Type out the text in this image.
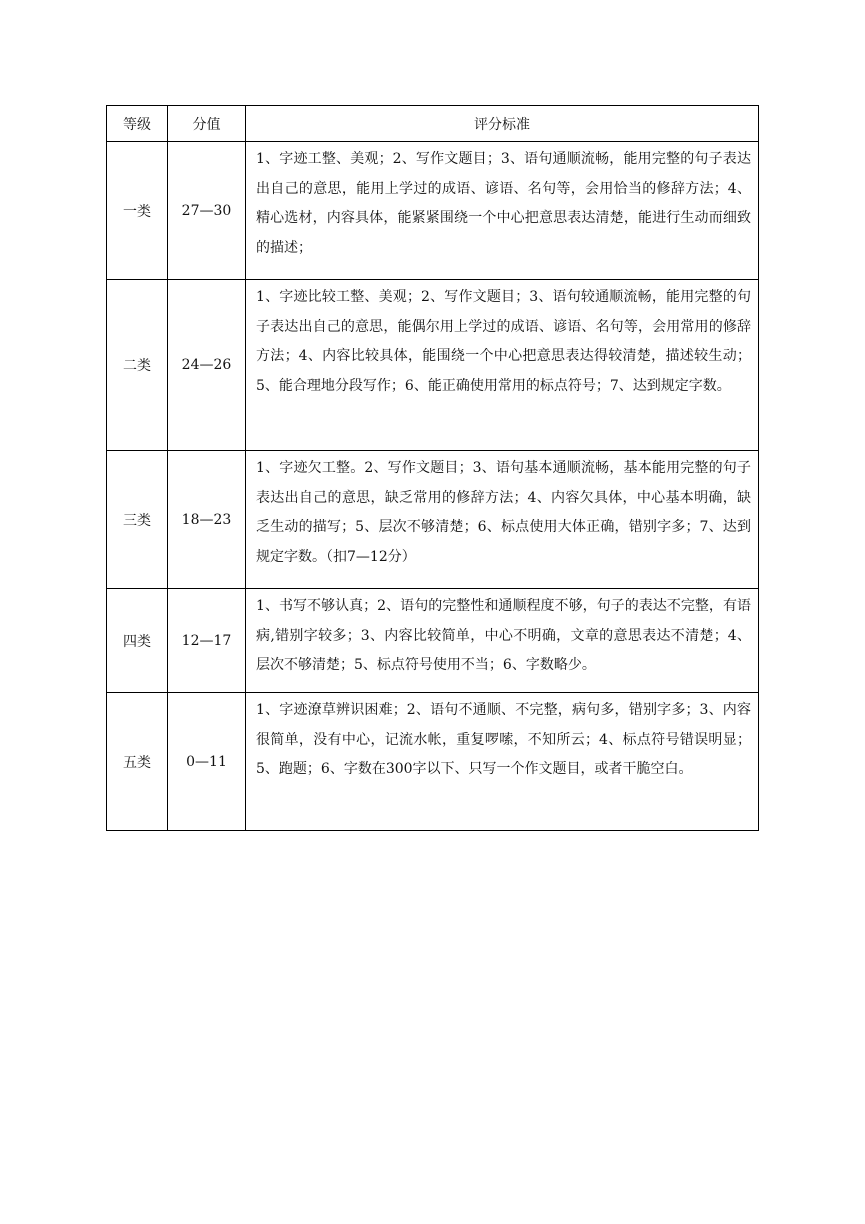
等级	分值	评分标准
一类	27—30	1、字迹工整、美观；2、写作文题目；3、语句通顺流畅，能用完整的句子表达出自己的意思，能用上学过的成语、谚语、名句等，会用恰当的修辞方法；4、精心选材，内容具体，能紧紧围绕一个中心把意思表达清楚，能进行生动而细致的描述；
二类	24—26	1、字迹比较工整、美观；2、写作文题目；3、语句较通顺流畅，能用完整的句子表达出自己的意思，能偶尔用上学过的成语、谚语、名句等，会用常用的修辞方法；4、内容比较具体，能围绕一个中心把意思表达得较清楚，描述较生动；5、能合理地分段写作；6、能正确使用常用的标点符号；7、达到规定字数。
三类	18—23	1、字迹欠工整。2、写作文题目；3、语句基本通顺流畅，基本能用完整的句子表达出自己的意思，缺乏常用的修辞方法；4、内容欠具体，中心基本明确，缺乏生动的描写；5、层次不够清楚；6、标点使用大体正确，错别字多；7、达到规定字数。（扣7—12分）
四类	12—17	1、书写不够认真；2、语句的完整性和通顺程度不够，句子的表达不完整，有语病,错别字较多；3、内容比较简单，中心不明确，文章的意思表达不清楚；4、层次不够清楚；5、标点符号使用不当；6、字数略少。
五类	0—11	1、字迹潦草辨识困难；2、语句不通顺、不完整，病句多，错别字多；3、内容很简单，没有中心，记流水帐，重复啰嗦，不知所云；4、标点符号错误明显；5、跑题；6、字数在300字以下、只写一个作文题目，或者干脆空白。
